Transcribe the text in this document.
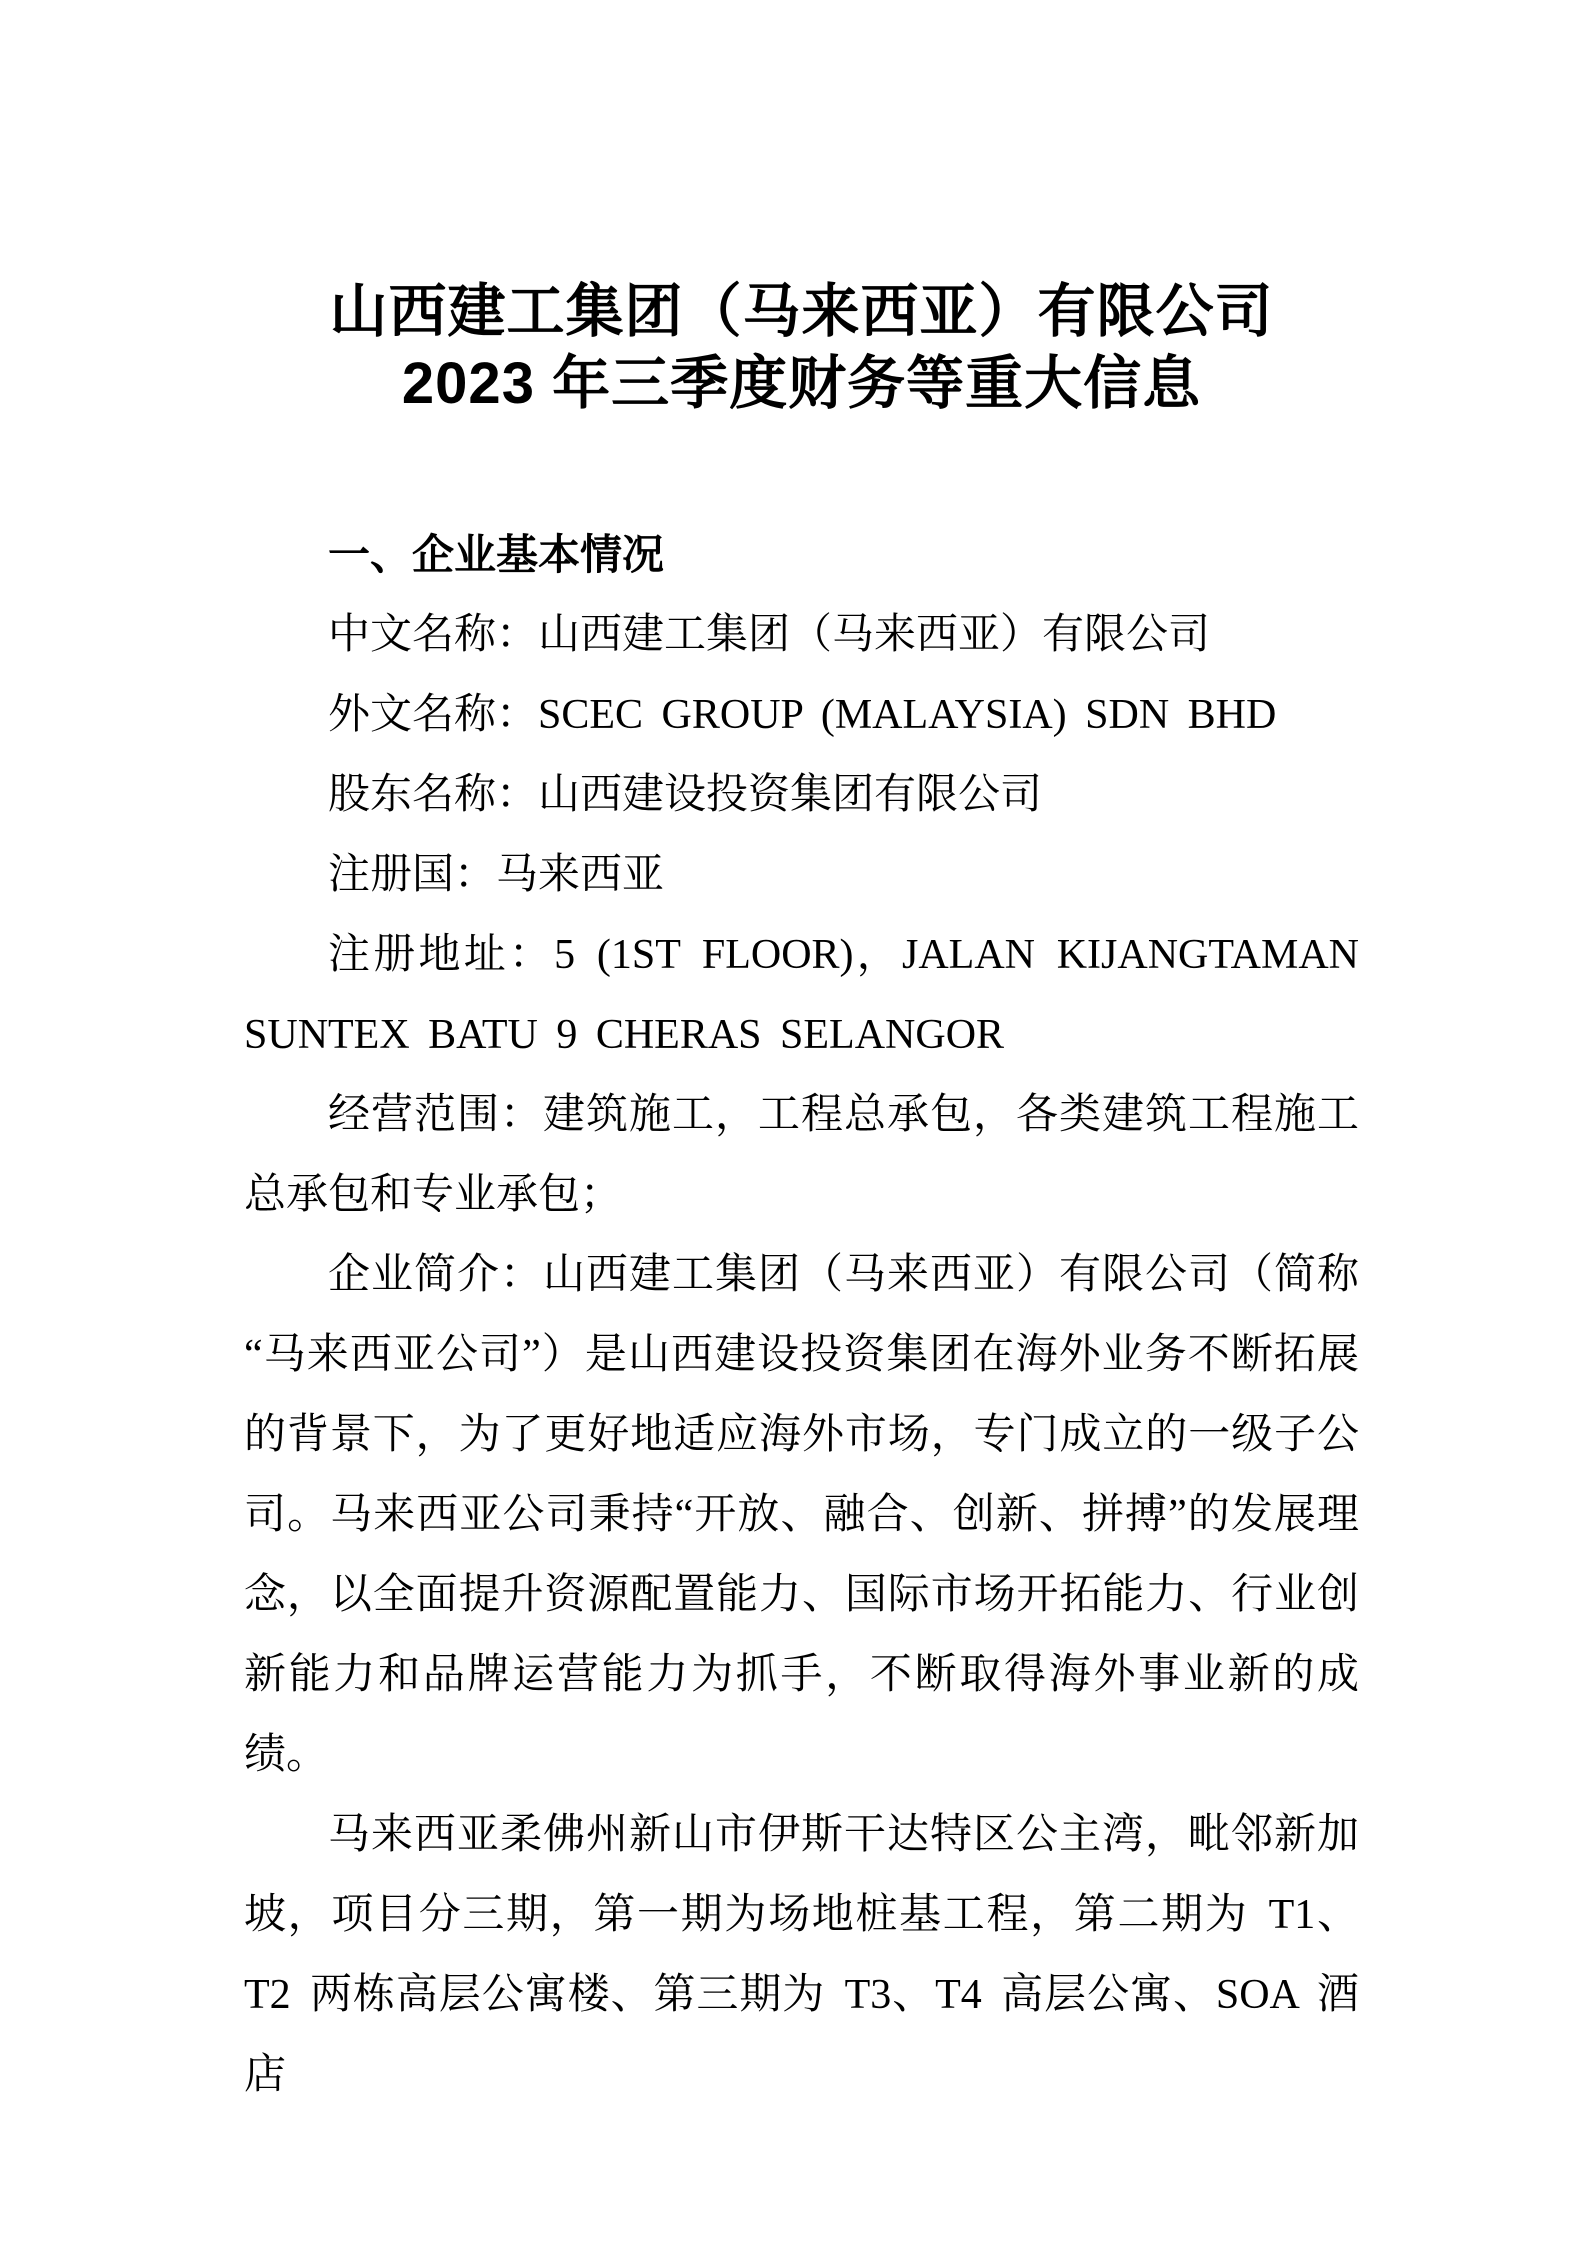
山西建工集团（马来西亚）有限公司
2023 年三季度财务等重大信息
一、企业基本情况

中文名称：山西建工集团（马来西亚）有限公司

外文名称：SCEC GROUP (MALAYSIA) SDN BHD

股东名称：山西建设投资集团有限公司

注册国：马来西亚

注册地址：5 (1ST FLOOR)，JALAN KIJANGTAMAN SUNTEX BATU 9 CHERAS SELANGOR

经营范围：建筑施工，工程总承包，各类建筑工程施工总承包和专业承包；

企业简介：山西建工集团（马来西亚）有限公司（简称“马来西亚公司”）是山西建设投资集团在海外业务不断拓展的背景下，为了更好地适应海外市场，专门成立的一级子公司。马来西亚公司秉持“开放、融合、创新、拼搏”的发展理念，以全面提升资源配置能力、国际市场开拓能力、行业创新能力和品牌运营能力为抓手，不断取得海外事业新的成绩。

马来西亚柔佛州新山市伊斯干达特区公主湾，毗邻新加坡，项目分三期，第一期为场地桩基工程，第二期为 T1、T2 两栋高层公寓楼、第三期为 T3、T4 高层公寓、SOA 酒店
